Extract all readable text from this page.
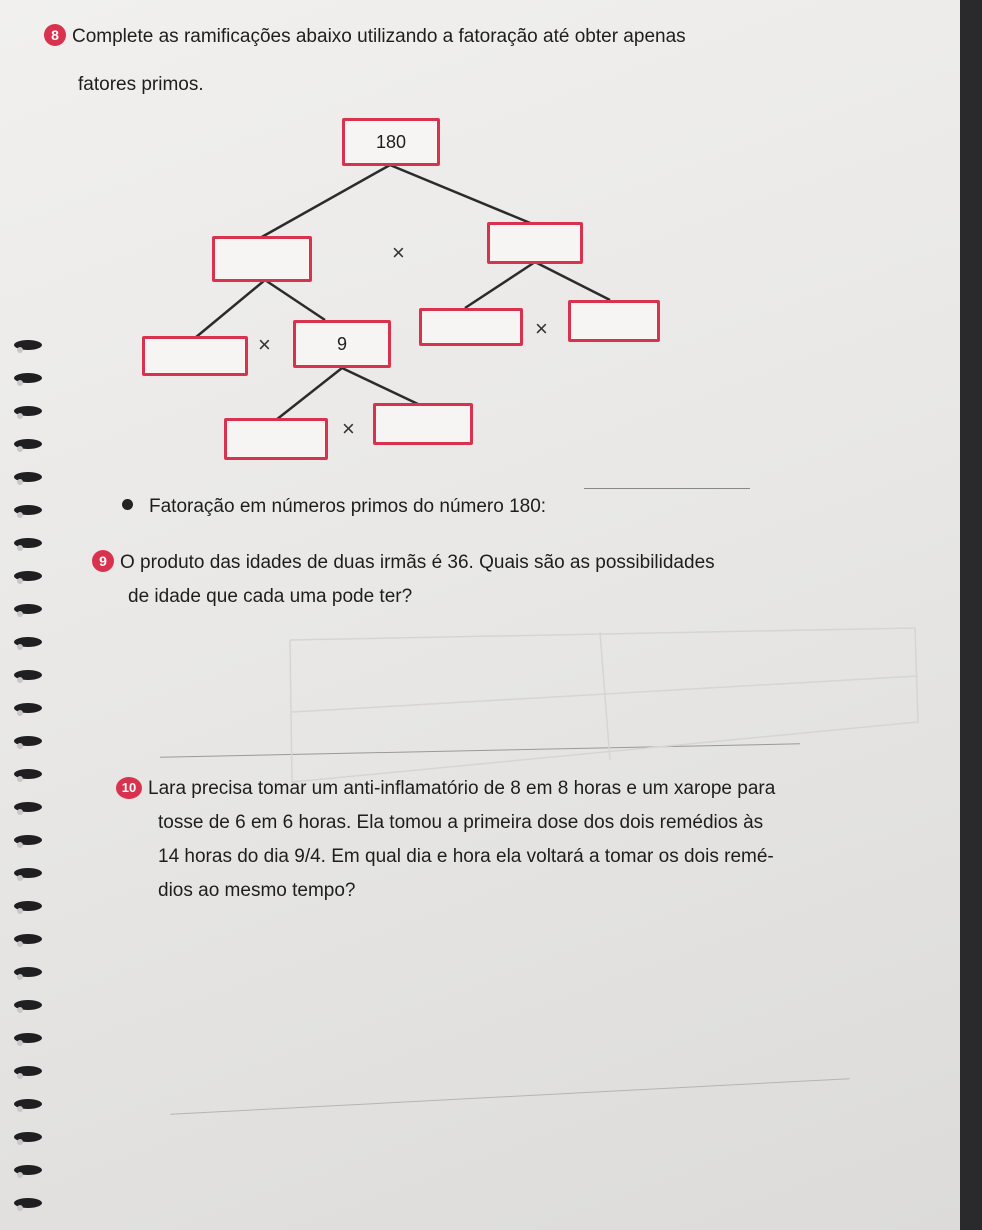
8 Complete as ramificações abaixo utilizando a fatoração até obter apenas
fatores primos.
180
×
×	9
×
×
Fatoração em números primos do número 180:
9 O produto das idades de duas irmãs é 36. Quais são as possibilidades
de idade que cada uma pode ter?
10 Lara precisa tomar um anti-inflamatório de 8 em 8 horas e um xarope para
tosse de 6 em 6 horas. Ela tomou a primeira dose dos dois remédios às
14 horas do dia 9/4. Em qual dia e hora ela voltará a tomar os dois remé-
dios ao mesmo tempo?
